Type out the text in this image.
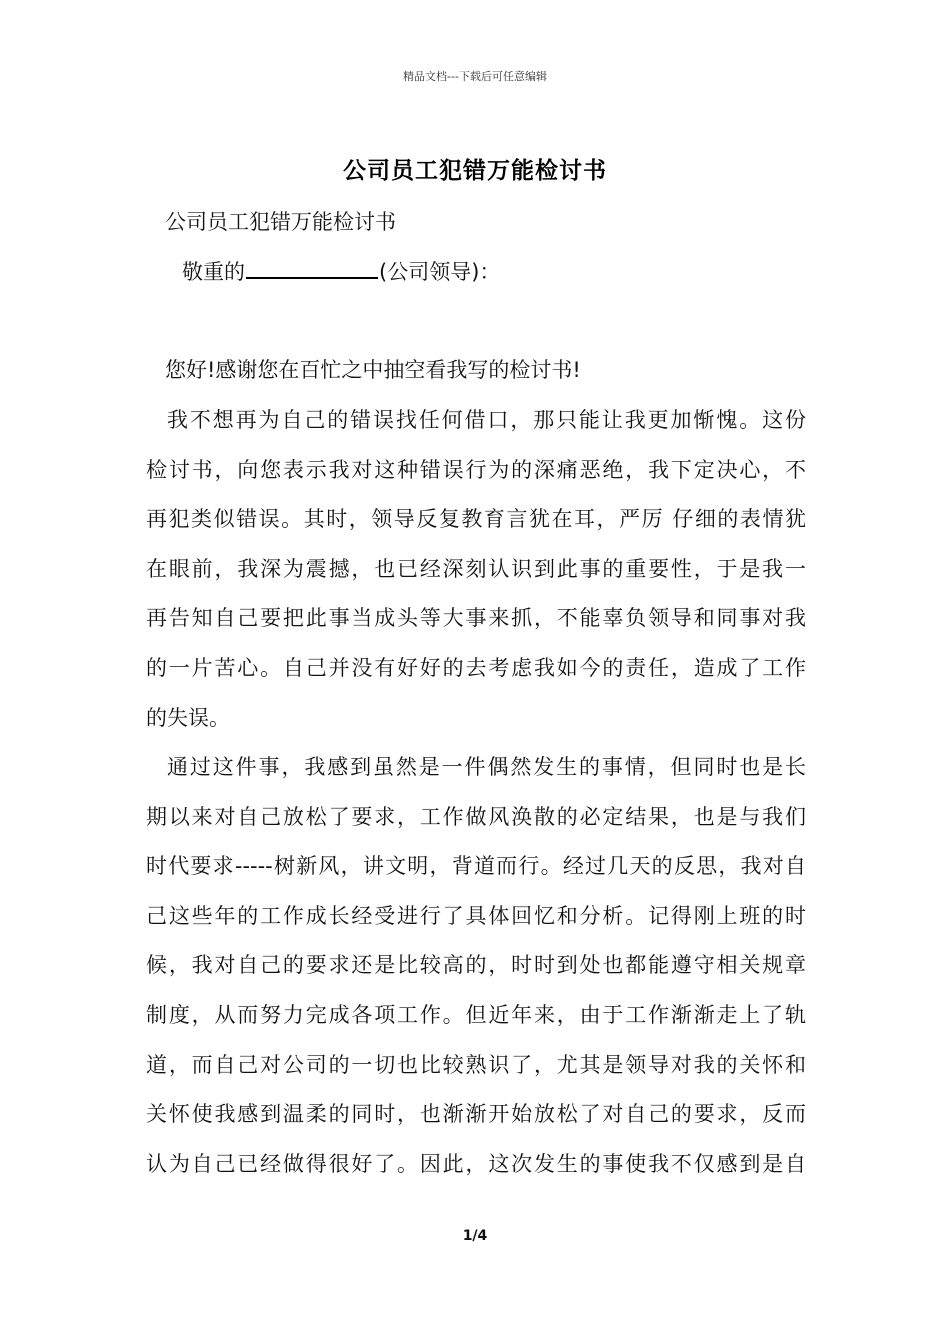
精品文档---下载后可任意编辑
公司员工犯错万能检讨书
公司员工犯错万能检讨书
敬重的	(公司领导)：
您好!感谢您在百忙之中抽空看我写的检讨书!
我不想再为自己的错误找任何借口，那只能让我更加惭愧。这份
检讨书，向您表示我对这种错误行为的深痛恶绝，我下定决心，不
再犯类似错误。其时，领导反复教育言犹在耳，严厉 仔细的表情犹
在眼前，我深为震撼，也已经深刻认识到此事的重要性，于是我一
再告知自己要把此事当成头等大事来抓，不能辜负领导和同事对我
的一片苦心。自己并没有好好的去考虑我如今的责任，造成了工作
的失误。
通过这件事，我感到虽然是一件偶然发生的事情，但同时也是长
期以来对自己放松了要求，工作做风涣散的必定结果，也是与我们
时代要求-----树新风，讲文明，背道而行。经过几天的反思，我对自
己这些年的工作成长经受进行了具体回忆和分析。记得刚上班的时
候，我对自己的要求还是比较高的，时时到处也都能遵守相关规章
制度，从而努力完成各项工作。但近年来，由于工作渐渐走上了轨
道，而自己对公司的一切也比较熟识了，尤其是领导对我的关怀和
关怀使我感到温柔的同时，也渐渐开始放松了对自己的要求，反而
认为自己已经做得很好了。因此，这次发生的事使我不仅感到是自
1/4
